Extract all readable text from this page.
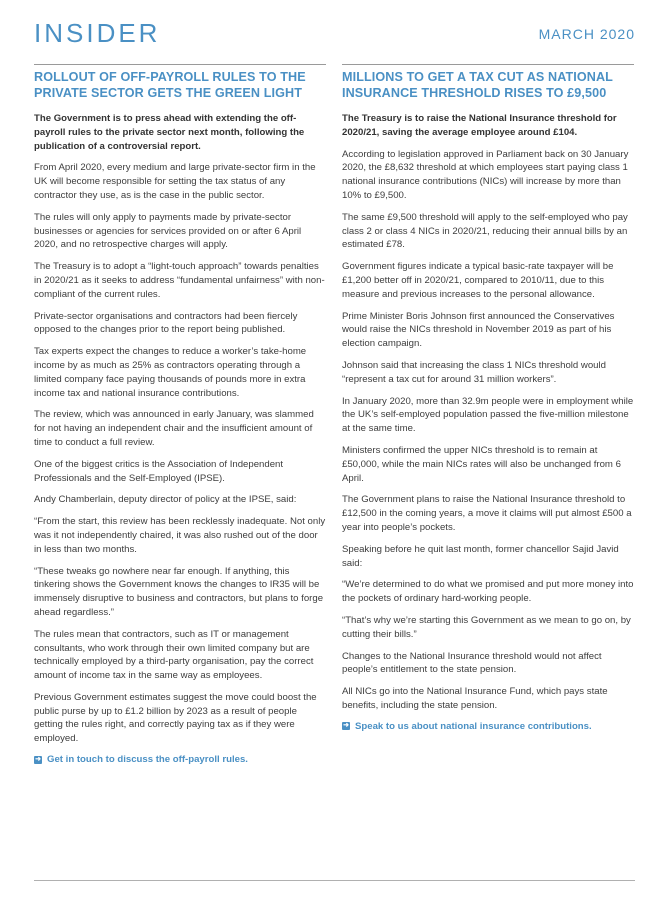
INSIDER	MARCH 2020
ROLLOUT OF OFF-PAYROLL RULES TO THE PRIVATE SECTOR GETS THE GREEN LIGHT

The Government is to press ahead with extending the off-payroll rules to the private sector next month, following the publication of a controversial report.

From April 2020, every medium and large private-sector firm in the UK will become responsible for setting the tax status of any contractor they use, as is the case in the public sector.

The rules will only apply to payments made by private-sector businesses or agencies for services provided on or after 6 April 2020, and no retrospective charges will apply.

The Treasury is to adopt a “light-touch approach” towards penalties in 2020/21 as it seeks to address “fundamental unfairness” with non-compliant of the current rules.

Private-sector organisations and contractors had been fiercely opposed to the changes prior to the report being published.

Tax experts expect the changes to reduce a worker’s take-home income by as much as 25% as contractors operating through a limited company face paying thousands of pounds more in extra income tax and national insurance contributions.

The review, which was announced in early January, was slammed for not having an independent chair and the insufficient amount of time to conduct a full review.

One of the biggest critics is the Association of Independent Professionals and the Self-Employed (IPSE).

Andy Chamberlain, deputy director of policy at the IPSE, said:

“From the start, this review has been recklessly inadequate. Not only was it not independently chaired, it was also rushed out of the door in less than two months.

“These tweaks go nowhere near far enough. If anything, this tinkering shows the Government knows the changes to IR35 will be immensely disruptive to business and contractors, but plans to forge ahead regardless.”

The rules mean that contractors, such as IT or management consultants, who work through their own limited company but are technically employed by a third-party organisation, pay the correct amount of income tax in the same way as employees.

Previous Government estimates suggest the move could boost the public purse by up to £1.2 billion by 2023 as a result of people getting the rules right, and correctly paying tax as if they were employed.

➜ Get in touch to discuss the off-payroll rules.
MILLIONS TO GET A TAX CUT AS NATIONAL INSURANCE THRESHOLD RISES TO £9,500

The Treasury is to raise the National Insurance threshold for 2020/21, saving the average employee around £104.

According to legislation approved in Parliament back on 30 January 2020, the £8,632 threshold at which employees start paying class 1 national insurance contributions (NICs) will increase by more than 10% to £9,500.

The same £9,500 threshold will apply to the self-employed who pay class 2 or class 4 NICs in 2020/21, reducing their annual bills by an estimated £78.

Government figures indicate a typical basic-rate taxpayer will be £1,200 better off in 2020/21, compared to 2010/11, due to this measure and previous increases to the personal allowance.

Prime Minister Boris Johnson first announced the Conservatives would raise the NICs threshold in November 2019 as part of his election campaign.

Johnson said that increasing the class 1 NICs threshold would “represent a tax cut for around 31 million workers”.

In January 2020, more than 32.9m people were in employment while the UK’s self-employed population passed the five-million milestone at the same time.

Ministers confirmed the upper NICs threshold is to remain at £50,000, while the main NICs rates will also be unchanged from 6 April.

The Government plans to raise the National Insurance threshold to £12,500 in the coming years, a move it claims will put almost £500 a year into people’s pockets.

Speaking before he quit last month, former chancellor Sajid Javid said:

“We’re determined to do what we promised and put more money into the pockets of ordinary hard-working people.

“That’s why we’re starting this Government as we mean to go on, by cutting their bills.”

Changes to the National Insurance threshold would not affect people’s entitlement to the state pension.

All NICs go into the National Insurance Fund, which pays state benefits, including the state pension.

➜ Speak to us about national insurance contributions.
